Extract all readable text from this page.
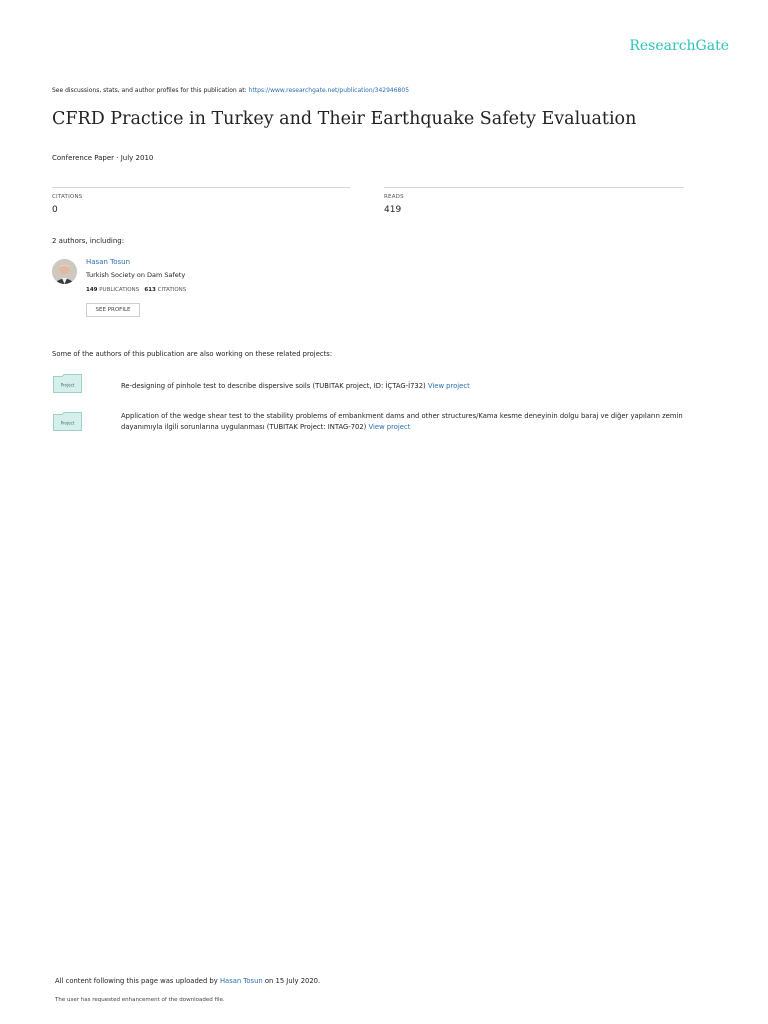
ResearchGate
See discussions, stats, and author profiles for this publication at: https://www.researchgate.net/publication/342946805
CFRD Practice in Turkey and Their Earthquake Safety Evaluation
Conference Paper · July 2010
CITATIONS
0
READS
419
2 authors, including:
Hasan Tosun
Turkish Society on Dam Safety
149 PUBLICATIONS 613 CITATIONS
SEE PROFILE
Some of the authors of this publication are also working on these related projects:
Project	Re-designing of pinhole test to describe dispersive soils (TUBITAK project, ID: İÇTAG-İ732) View project
Project
Application of the wedge shear test to the stability problems of embankment dams and other structures/Kama kesme deneyinin dolgu baraj ve diğer yapıların zemin
dayanımıyla ilgili sorunlarına uygulanması (TUBITAK Project: INTAG-702) View project
All content following this page was uploaded by Hasan Tosun on 15 July 2020.
The user has requested enhancement of the downloaded file.
